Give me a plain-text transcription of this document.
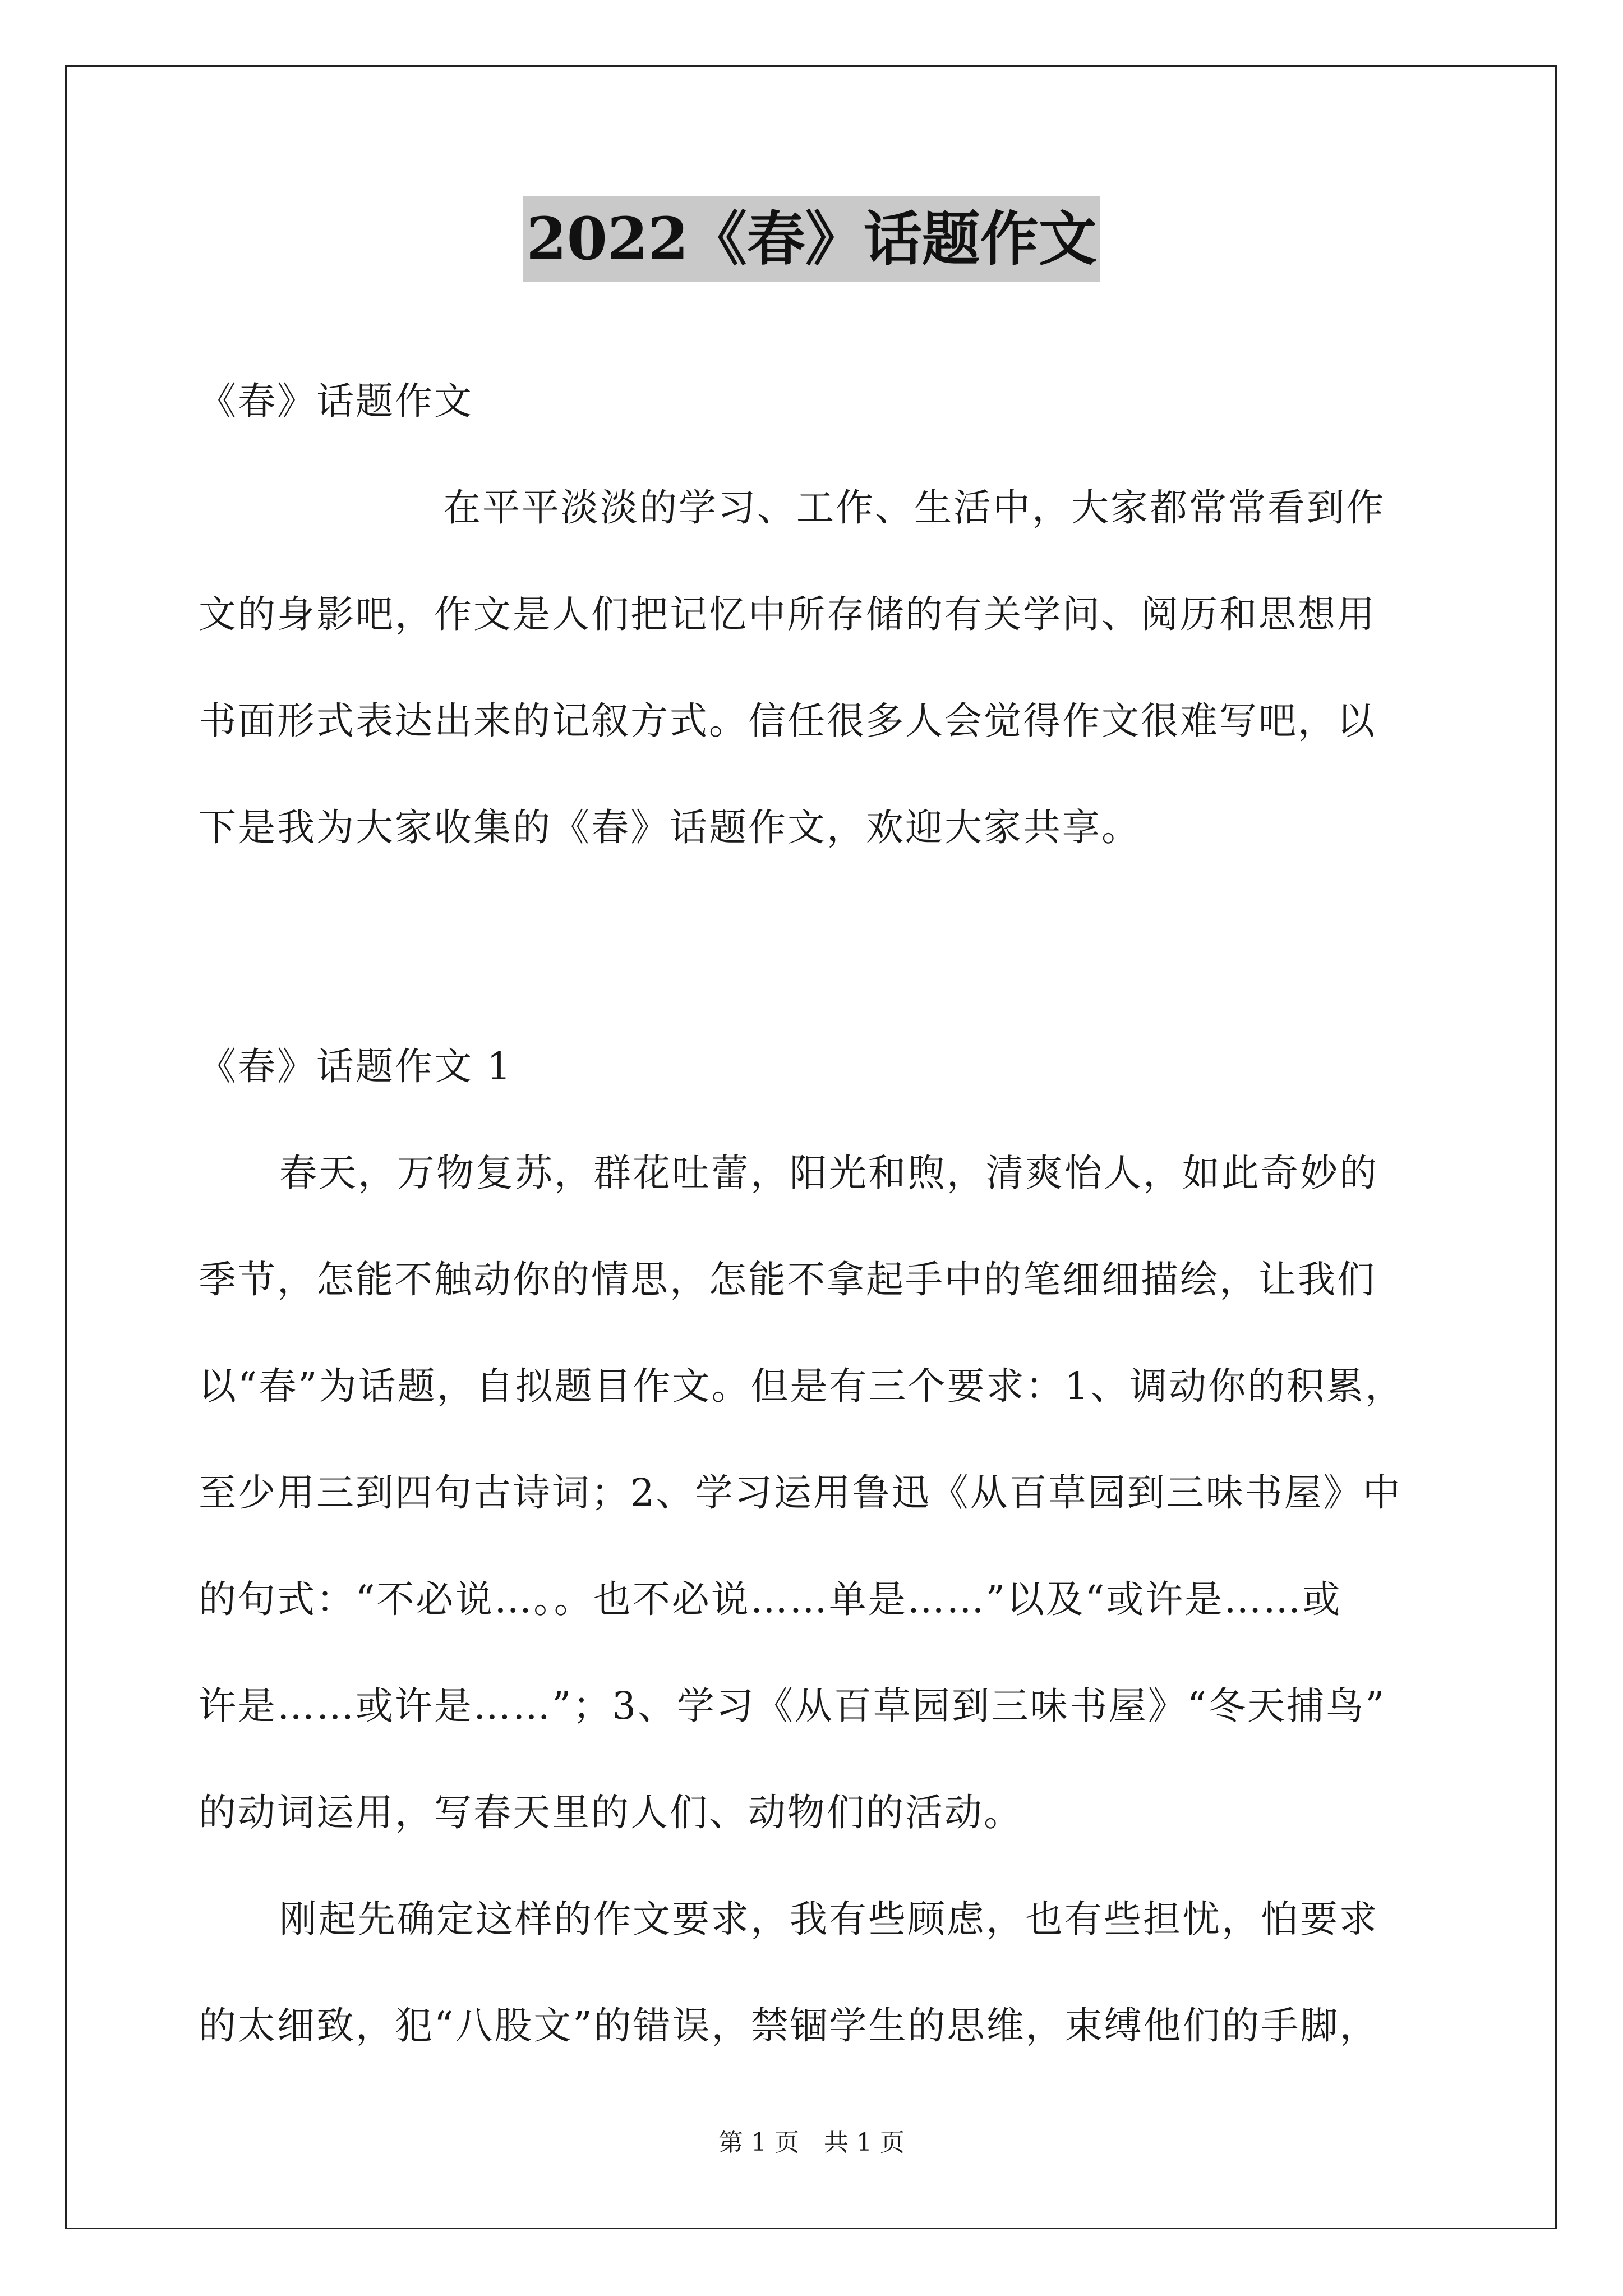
2022《春》话题作文
《春》话题作文
在平平淡淡的学习、工作、生活中，大家都常常看到作
文的身影吧，作文是人们把记忆中所存储的有关学问、阅历和思想用
书面形式表达出来的记叙方式。信任很多人会觉得作文很难写吧，以
下是我为大家收集的《春》话题作文，欢迎大家共享。
《春》话题作文 1
春天，万物复苏，群花吐蕾，阳光和煦，清爽怡人，如此奇妙的
季节，怎能不触动你的情思，怎能不拿起手中的笔细细描绘，让我们
以“春”为话题，自拟题目作文。但是有三个要求：1、调动你的积累，
至少用三到四句古诗词；2、学习运用鲁迅《从百草园到三味书屋》中
的句式：“不必说…。。也不必说……单是……”以及“或许是……或
许是……或许是……”；3、学习《从百草园到三味书屋》“冬天捕鸟”
的动词运用，写春天里的人们、动物们的活动。
刚起先确定这样的作文要求，我有些顾虑，也有些担忧，怕要求
的太细致，犯“八股文”的错误，禁锢学生的思维，束缚他们的手脚，
第 1 页　共 1 页
